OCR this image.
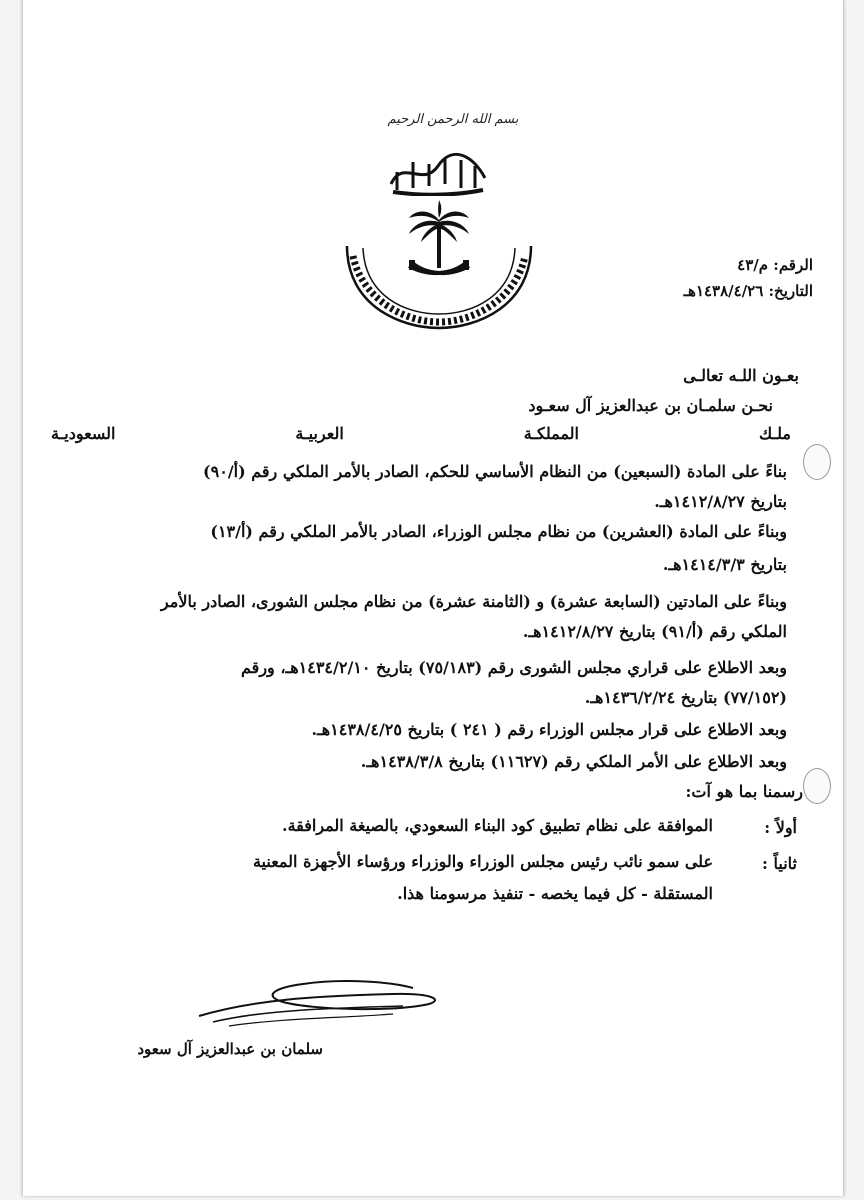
بسم الله الرحمن الرحيم
الرقم: م/٤٣
التاريخ: ١٤٣٨/٤/٢٦هـ
بعـون اللـه تعالـى
نحـن سلمـان بن عبدالعزيز آل سعـود
ملـك المملكـة العربيـة السعوديـة
بناءً على المادة (السبعين) من النظام الأساسي للحكم، الصادر بالأمر الملكي رقم (أ/٩٠)
بتاريخ ١٤١٢/٨/٢٧هـ.
وبناءً على المادة (العشرين) من نظام مجلس الوزراء، الصادر بالأمر الملكي رقم (أ/١٣)
بتاريخ ١٤١٤/٣/٣هـ.
وبناءً على المادتين (السابعة عشرة) و (الثامنة عشرة) من نظام مجلس الشورى، الصادر بالأمر
الملكي رقم (أ/٩١) بتاريخ ١٤١٢/٨/٢٧هـ.
وبعد الاطلاع على قراري مجلس الشورى رقم (٧٥/١٨٣) بتاريخ ١٤٣٤/٢/١٠هـ، ورقم
(٧٧/١٥٢) بتاريخ ١٤٣٦/٢/٢٤هـ.
وبعد الاطلاع على قرار مجلس الوزراء رقم ( ٢٤١ ) بتاريخ ١٤٣٨/٤/٢٥هـ.
وبعد الاطلاع على الأمر الملكي رقم (١١٦٢٧) بتاريخ ١٤٣٨/٣/٨هـ.
رسمنا بما هو آت:
أولاً :
الموافقة على نظام تطبيق كود البناء السعودي، بالصيغة المرافقة.
ثانياً :
على سمو نائب رئيس مجلس الوزراء والوزراء ورؤساء الأجهزة المعنية
المستقلة - كل فيما يخصه - تنفيذ مرسومنا هذا.
سلمان بن عبدالعزيز آل سعود
